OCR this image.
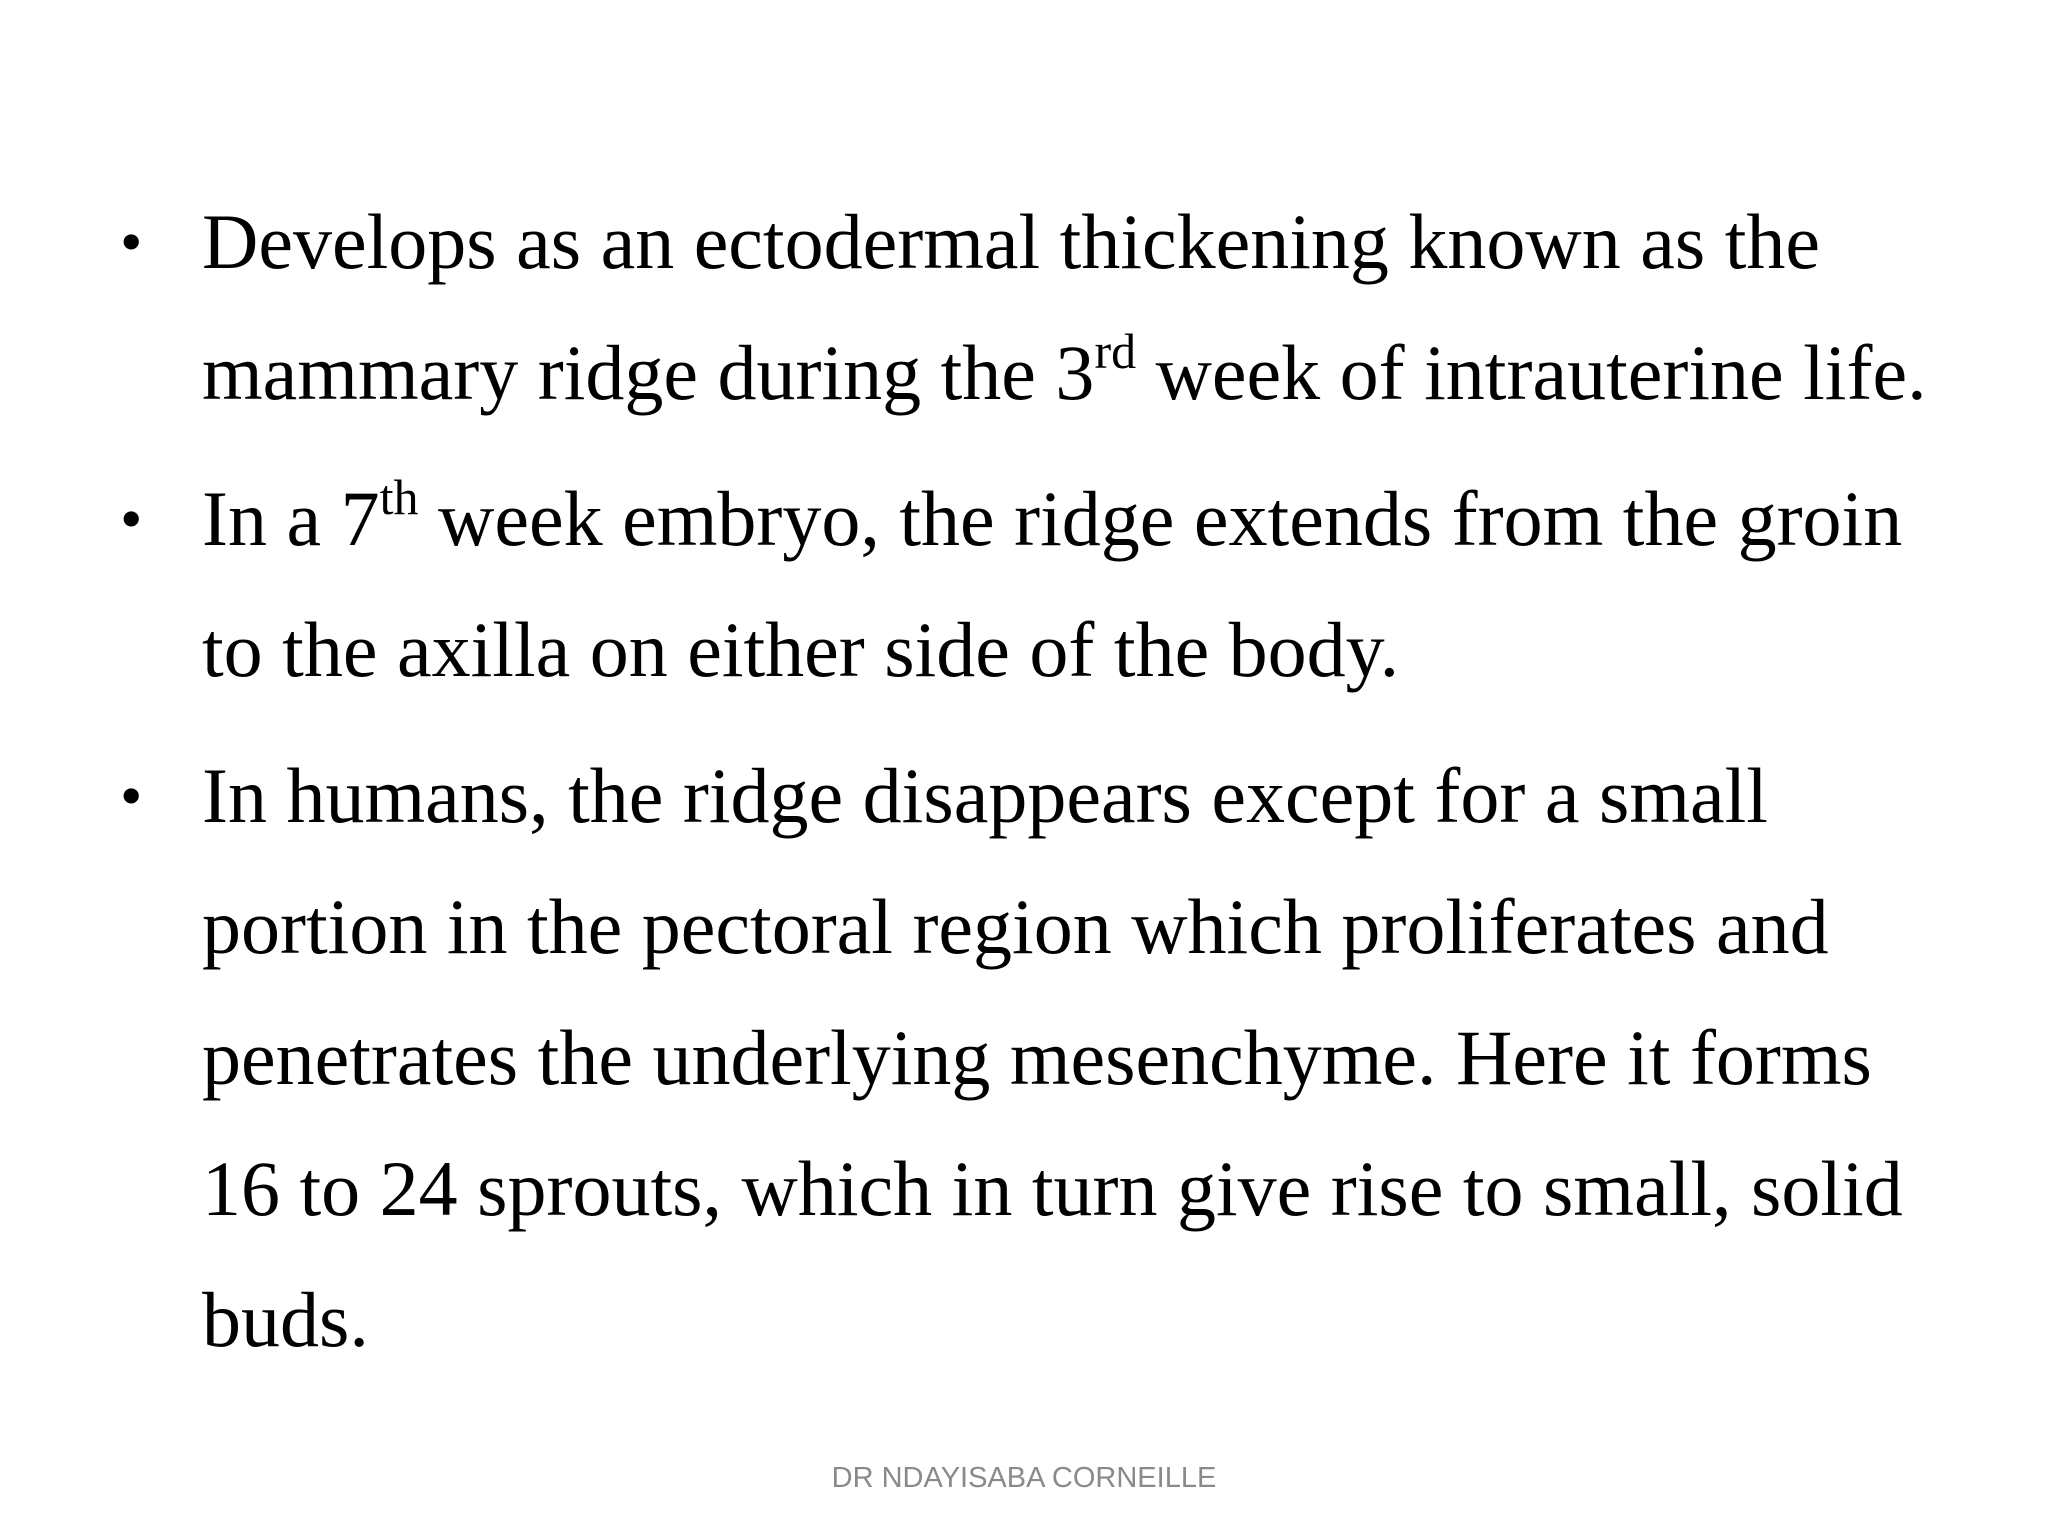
• Develops as an ectodermal thickening known as the mammary ridge during the 3rd week of intrauterine life.
• In a 7th week embryo, the ridge extends from the groin to the axilla on either side of the body.
• In humans, the ridge disappears except for a small portion in the pectoral region which proliferates and penetrates the underlying mesenchyme. Here it forms 16 to 24 sprouts, which in turn give rise to small, solid buds.
DR NDAYISABA CORNEILLE
